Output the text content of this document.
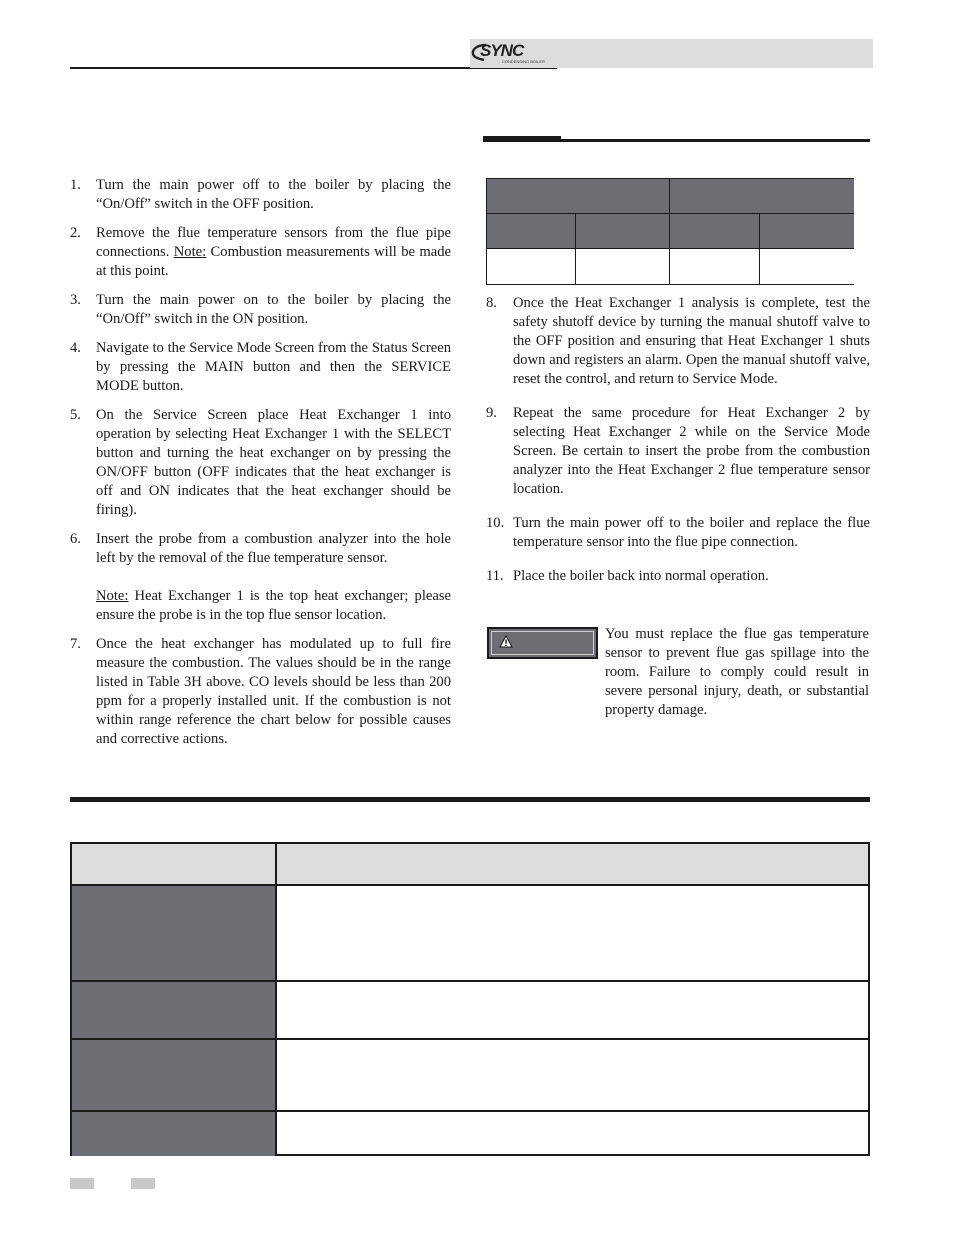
SYNC
CONDENSING BOILER
1.	Turn the main power off to the boiler by placing the “On/Off” switch in the OFF position.
2.	Remove the flue temperature sensors from the flue pipe connections. Note: Combustion measurements will be made at this point.
3.	Turn the main power on to the boiler by placing the “On/Off” switch in the ON position.
4.	Navigate to the Service Mode Screen from the Status Screen by pressing the MAIN button and then the SERVICE MODE button.
5.	On the Service Screen place Heat Exchanger 1 into operation by selecting Heat Exchanger 1 with the SELECT button and turning the heat exchanger on by pressing the ON/OFF button (OFF indicates that the heat exchanger is off and ON indicates that the heat exchanger should be firing).
6.	Insert the probe from a combustion analyzer into the hole left by the removal of the flue temperature sensor.
Note: Heat Exchanger 1 is the top heat exchanger; please ensure the probe is in the top flue sensor location.
7.	Once the heat exchanger has modulated up to full fire measure the combustion. The values should be in the range listed in Table 3H above. CO levels should be less than 200 ppm for a properly installed unit. If the combustion is not within range reference the chart below for possible causes and corrective actions.
8.	Once the Heat Exchanger 1 analysis is complete, test the safety shutoff device by turning the manual shutoff valve to the OFF position and ensuring that Heat Exchanger 1 shuts down and registers an alarm. Open the manual shutoff valve, reset the control, and return to Service Mode.
9.	Repeat the same procedure for Heat Exchanger 2 by selecting Heat Exchanger 2 while on the Service Mode Screen. Be certain to insert the probe from the combustion analyzer into the Heat Exchanger 2 flue temperature sensor location.
10. Turn the main power off to the boiler and replace the flue temperature sensor into the flue pipe connection.
11. Place the boiler back into normal operation.
You must replace the flue gas temperature sensor to prevent flue gas spillage into the room. Failure to comply could result in severe personal injury, death, or substantial property damage.
